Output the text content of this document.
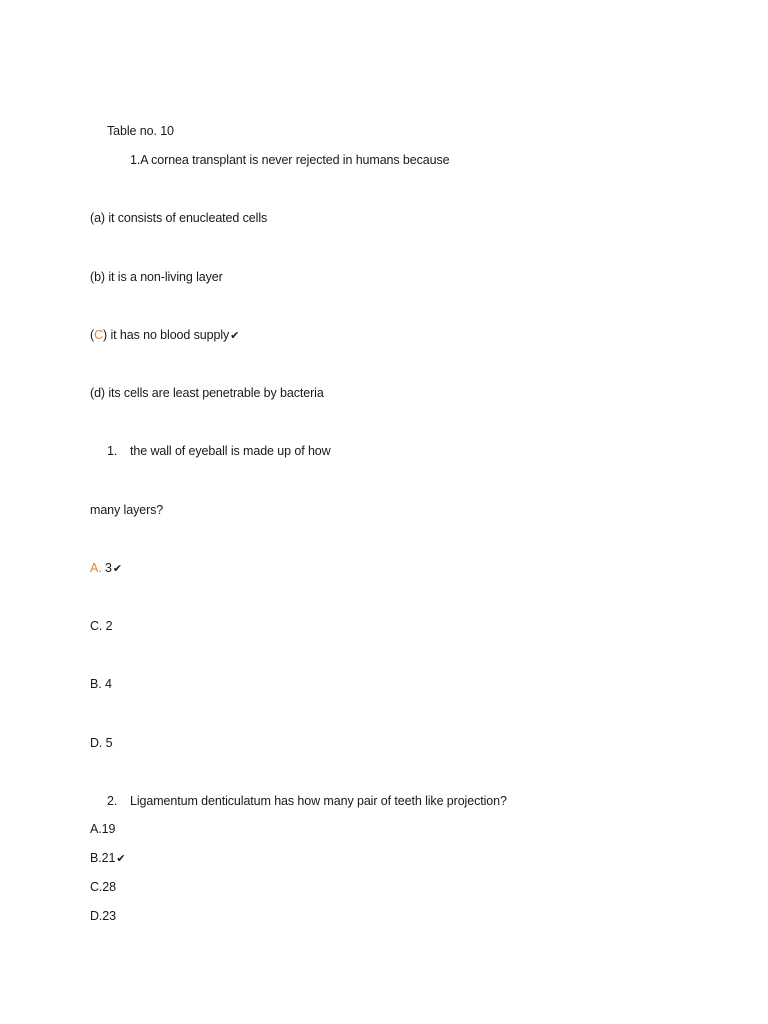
Table no. 10
1.A cornea transplant is never rejected in humans because
(a) it consists of enucleated cells
(b) it is a non-living layer
(C) it has no blood supply✔
(d) its cells are least penetrable by bacteria
1. the wall of eyeball is made up of how
many layers?
A. 3✔
C. 2
B. 4
D. 5
2. Ligamentum denticulatum has how many pair of teeth like projection?
A.19
B.21✔
C.28
D.23
